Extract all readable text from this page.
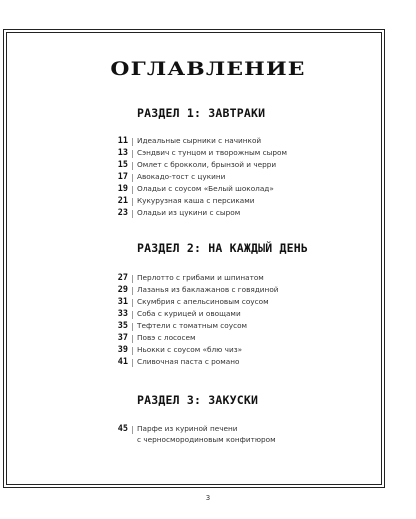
ОГЛАВЛЕНИЕ
РАЗДЕЛ 1: ЗАВТРАКИ
11 | Идеальные сырники с начинкой
13 | Сэндвич с тунцом и творожным сыром
15 | Омлет с брокколи, брынзой и черри
17 | Авокадо-тост с цукини
19 | Оладьи с соусом «Белый шоколад»
21 | Кукурузная каша с персиками
23 | Оладьи из цукини с сыром
РАЗДЕЛ 2: НА КАЖДЫЙ ДЕНЬ
27 | Перлотто с грибами и шпинатом
29 | Лазанья из баклажанов с говядиной
31 | Скумбрия с апельсиновым соусом
33 | Соба с курицей и овощами
35 | Тефтели с томатным соусом
37 | Повэ с лососем
39 | Ньокки с соусом «блю чиз»
41 | Сливочная паста с романо
РАЗДЕЛ 3: ЗАКУСКИ
45 | Парфе из куриной печени
с черносмородиновым конфитюром
3
